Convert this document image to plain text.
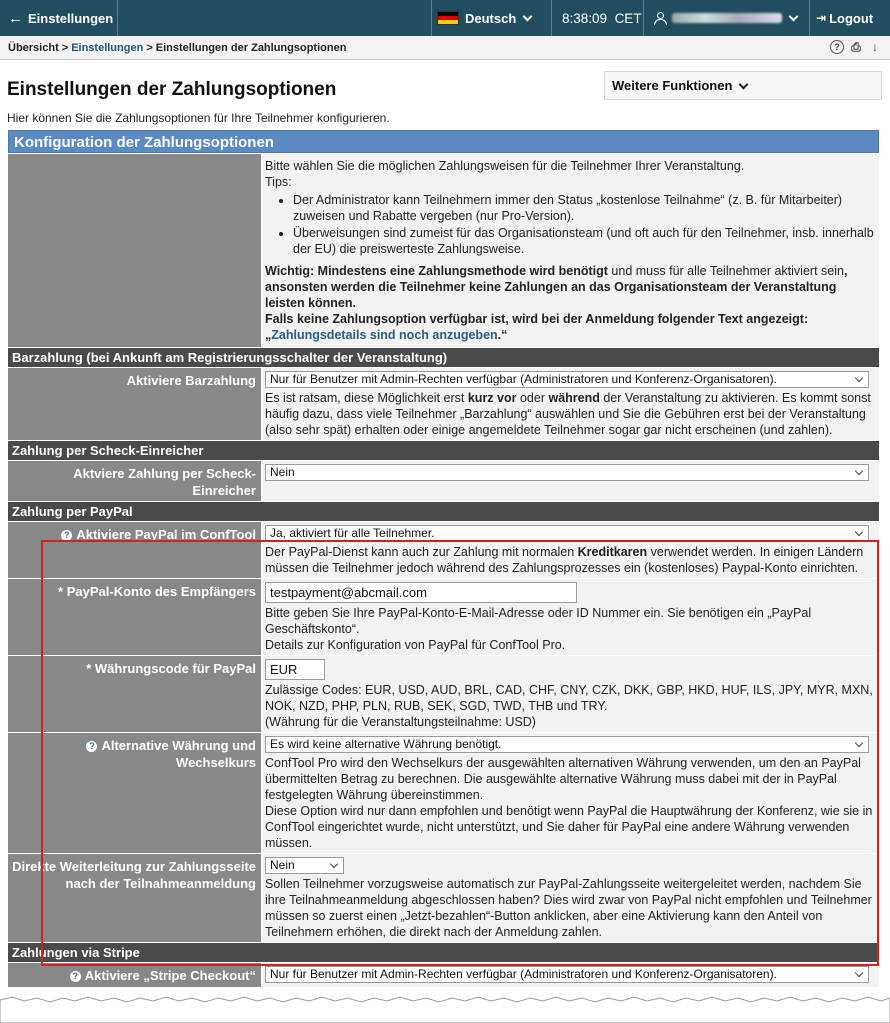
← Einstellungen	Deutsch	8:38:09
CET	⇥ Logout
Übersicht > Einstellungen > Einstellungen der Zahlungsoptionen	? ⎙ ↓
Einstellungen der Zahlungsoptionen
Hier können Sie die Zahlungsoptionen für Ihre Teilnehmer konfigurieren.
Weitere Funktionen
Konfiguration der Zahlungsoptionen
Bitte wählen Sie die möglichen Zahlungsweisen für die Teilnehmer Ihrer Veranstaltung.
Tips:
• Der Administrator kann Teilnehmern immer den Status „kostenlose Teilnahme“ (z. B. für Mitarbeiter) zuweisen und Rabatte vergeben (nur Pro-Version).
• Überweisungen sind zumeist für das Organisationsteam (und oft auch für den Teilnehmer, insb. innerhalb der EU) die preiswerteste Zahlungsweise.
Wichtig: Mindestens eine Zahlungsmethode wird benötigt und muss für alle Teilnehmer aktiviert sein, ansonsten werden die Teilnehmer keine Zahlungen an das Organisationsteam der Veranstaltung leisten können.
Falls keine Zahlungsoption verfügbar ist, wird bei der Anmeldung folgender Text angezeigt:
„Zahlungsdetails sind noch anzugeben.“
Barzahlung (bei Ankunft am Registrierungsschalter der Veranstaltung)
Aktiviere Barzahlung	Nur für Benutzer mit Admin-Rechten verfügbar (Administratoren und Konferenz-Organisatoren).
Es ist ratsam, diese Möglichkeit erst kurz vor oder während der Veranstaltung zu aktivieren. Es kommt sonst häufig dazu, dass viele Teilnehmer „Barzahlung“ auswählen und Sie die Gebühren erst bei der Veranstaltung (also sehr spät) erhalten oder einige angemeldete Teilnehmer sogar gar nicht erscheinen (und zahlen).
Zahlung per Scheck-Einreicher
Aktviere Zahlung per Scheck-Einreicher
Nein
Zahlung per PayPal
? Aktiviere PayPal im ConfTool	Ja, aktiviert für alle Teilnehmer.
Der PayPal-Dienst kann auch zur Zahlung mit normalen Kreditkaren verwendet werden. In einigen Ländern müssen die Teilnehmer jedoch während des Zahlungsprozesses ein (kostenloses) Paypal-Konto einrichten.
* PayPal-Konto des Empfängers	testpayment@abcmail.com
Bitte geben Sie Ihre PayPal-Konto-E-Mail-Adresse oder ID Nummer ein. Sie benötigen ein „PayPal Geschäftskonto“.
Details zur Konfiguration von PayPal für ConfTool Pro.
* Währungscode für PayPal	EUR
Zulässige Codes: EUR, USD, AUD, BRL, CAD, CHF, CNY, CZK, DKK, GBP, HKD, HUF, ILS, JPY, MYR, MXN, NOK, NZD, PHP, PLN, RUB, SEK, SGD, TWD, THB und TRY.
(Währung für die Veranstaltungsteilnahme: USD)
? Alternative Währung und Wechselkurs
Es wird keine alternative Währung benötigt.
ConfTool Pro wird den Wechselkurs der ausgewählten alternativen Währung verwenden, um den an PayPal übermittelten Betrag zu berechnen. Die ausgewählte alternative Währung muss dabei mit der in PayPal festgelegten Währung übereinstimmen.
Diese Option wird nur dann empfohlen und benötigt wenn PayPal die Hauptwährung der Konferenz, wie sie in ConfTool eingerichtet wurde, nicht unterstützt, und Sie daher für PayPal eine andere Währung verwenden müssen.
Direkte Weiterleitung zur Zahlungsseite nach der Teilnahmeanmeldung
Nein
Sollen Teilnehmer vorzugsweise automatisch zur PayPal-Zahlungsseite weitergeleitet werden, nachdem Sie ihre Teilnahmeanmeldung abgeschlossen haben? Dies wird zwar von PayPal nicht empfohlen und Teilnehmer müssen so zuerst einen „Jetzt-bezahlen“-Button anklicken, aber eine Aktivierung kann den Anteil von Teilnehmern erhöhen, die direkt nach der Anmeldung zahlen.
Zahlungen via Stripe
? Aktiviere „Stripe Checkout“	Nur für Benutzer mit Admin-Rechten verfügbar (Administratoren und Konferenz-Organisatoren).
